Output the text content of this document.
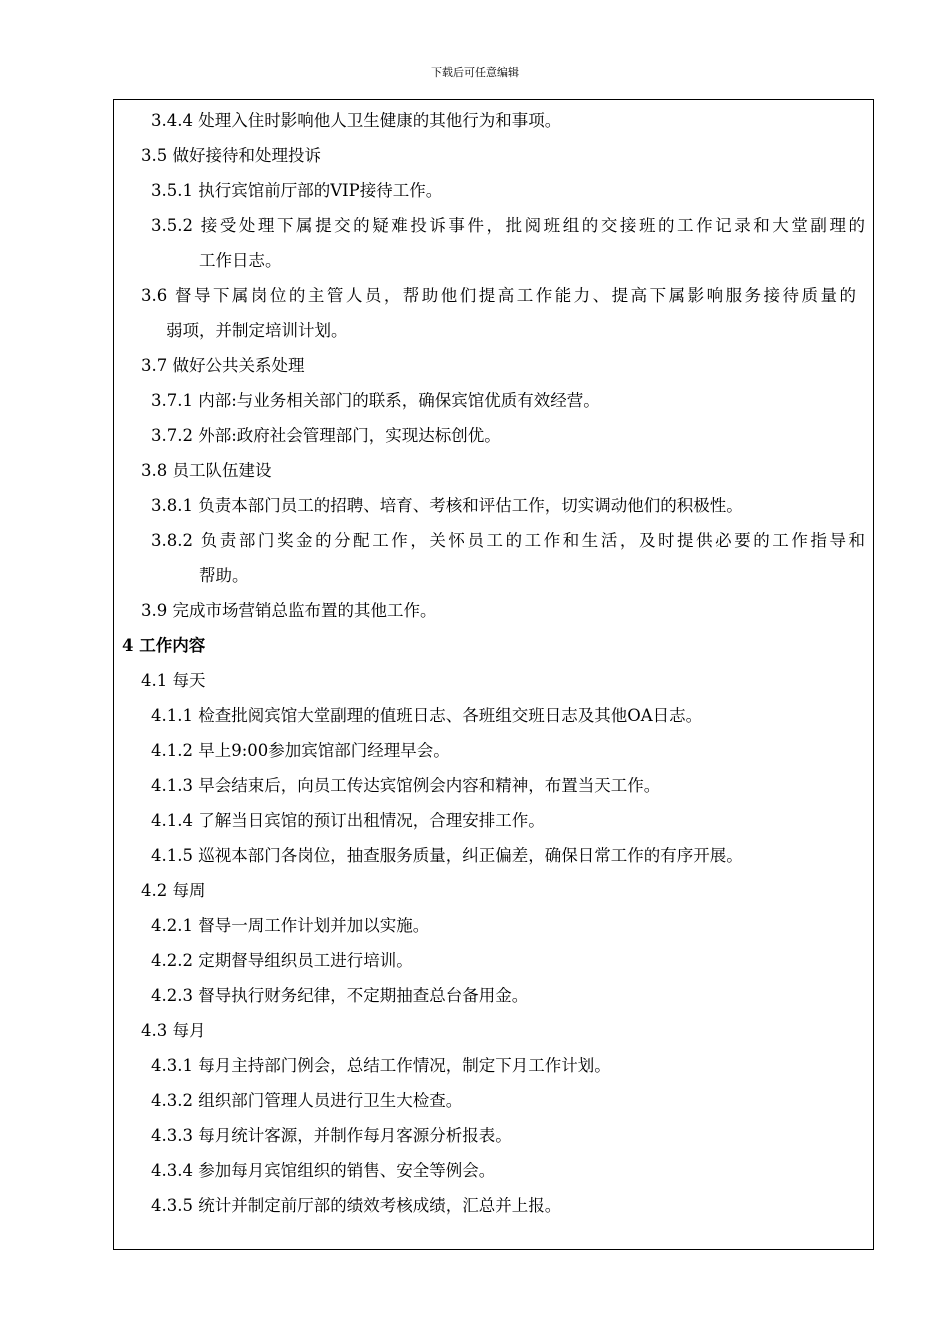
下载后可任意编辑
3.4.4 处理入住时影响他人卫生健康的其他行为和事项。
3.5 做好接待和处理投诉
3.5.1 执行宾馆前厅部的VIP接待工作。
3.5.2 接受处理下属提交的疑难投诉事件，批阅班组的交接班的工作记录和大堂副理的
工作日志。
3.6 督导下属岗位的主管人员，帮助他们提高工作能力、提高下属影响服务接待质量的
弱项，并制定培训计划。
3.7 做好公共关系处理
3.7.1 内部:与业务相关部门的联系，确保宾馆优质有效经营。
3.7.2 外部:政府社会管理部门，实现达标创优。
3.8 员工队伍建设
3.8.1 负责本部门员工的招聘、培育、考核和评估工作，切实调动他们的积极性。
3.8.2 负责部门奖金的分配工作，关怀员工的工作和生活，及时提供必要的工作指导和
帮助。
3.9 完成市场营销总监布置的其他工作。
4 工作内容
4.1 每天
4.1.1 检查批阅宾馆大堂副理的值班日志、各班组交班日志及其他OA日志。
4.1.2 早上9:00参加宾馆部门经理早会。
4.1.3 早会结束后，向员工传达宾馆例会内容和精神，布置当天工作。
4.1.4 了解当日宾馆的预订出租情况，合理安排工作。
4.1.5 巡视本部门各岗位，抽查服务质量，纠正偏差，确保日常工作的有序开展。
4.2 每周
4.2.1 督导一周工作计划并加以实施。
4.2.2 定期督导组织员工进行培训。
4.2.3 督导执行财务纪律，不定期抽查总台备用金。
4.3 每月
4.3.1 每月主持部门例会，总结工作情况，制定下月工作计划。
4.3.2 组织部门管理人员进行卫生大检查。
4.3.3 每月统计客源，并制作每月客源分析报表。
4.3.4 参加每月宾馆组织的销售、安全等例会。
4.3.5 统计并制定前厅部的绩效考核成绩，汇总并上报。
